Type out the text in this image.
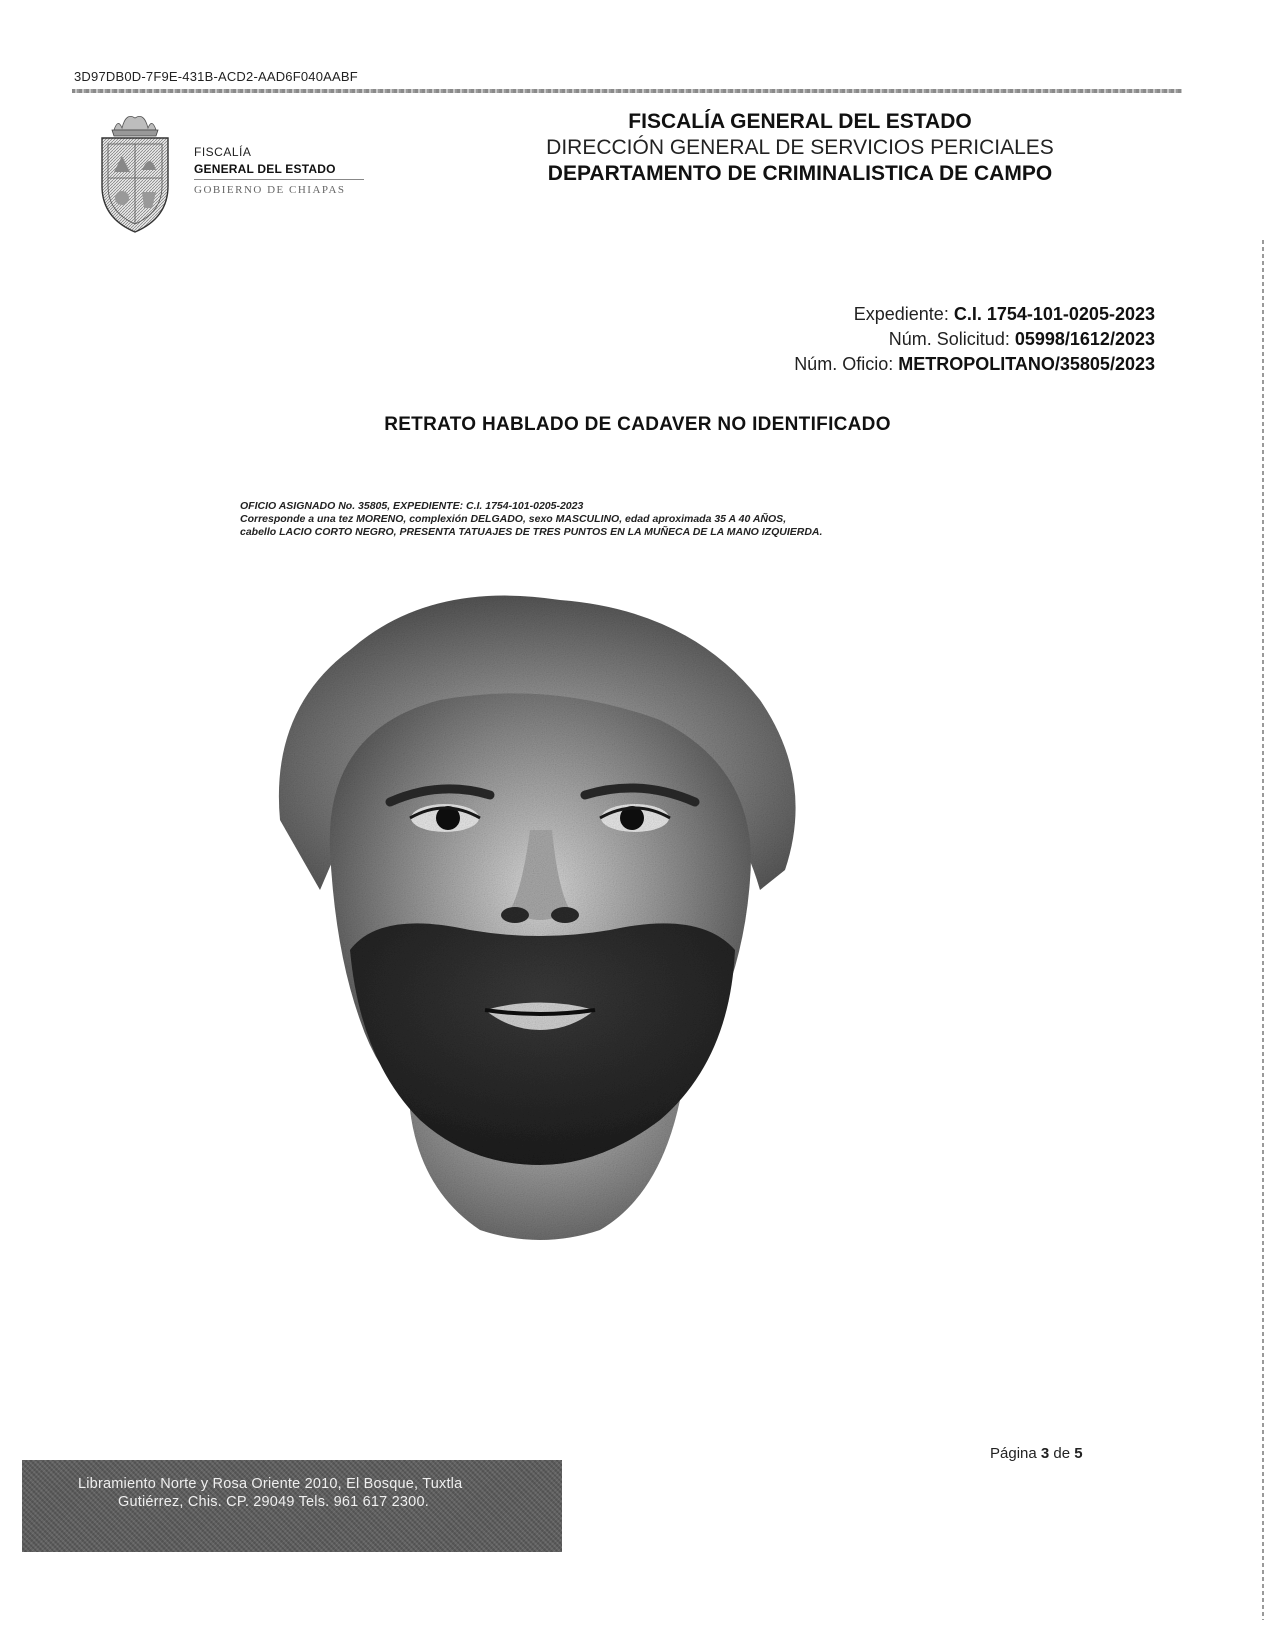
3D97DB0D-7F9E-431B-ACD2-AAD6F040AABF
FISCALÍA
GENERAL DEL ESTADO
GOBIERNO DE CHIAPAS
FISCALÍA GENERAL DEL ESTADO
DIRECCIÓN GENERAL DE SERVICIOS PERICIALES
DEPARTAMENTO DE CRIMINALISTICA DE CAMPO
Expediente: C.I. 1754-101-0205-2023
Núm. Solicitud: 05998/1612/2023
Núm. Oficio: METROPOLITANO/35805/2023
RETRATO HABLADO DE CADAVER NO IDENTIFICADO
OFICIO ASIGNADO No. 35805, EXPEDIENTE: C.I. 1754-101-0205-2023
Corresponde a una tez MORENO, complexión DELGADO, sexo MASCULINO, edad aproximada 35 A 40 AÑOS,
cabello LACIO CORTO NEGRO, PRESENTA TATUAJES DE TRES PUNTOS EN LA MUÑECA DE LA MANO IZQUIERDA.
Página 3 de 5
Libramiento Norte y Rosa Oriente 2010, El Bosque, Tuxtla
Gutiérrez, Chis. CP. 29049 Tels. 961 617 2300.
